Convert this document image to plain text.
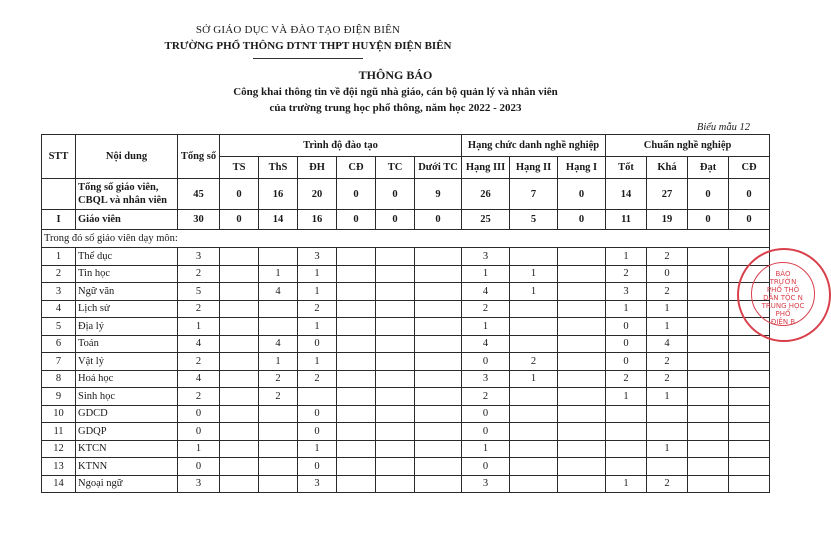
SỞ GIÁO DỤC VÀ ĐÀO TẠO ĐIỆN BIÊN
TRƯỜNG PHỔ THÔNG DTNT THPT HUYỆN ĐIỆN BIÊN
THÔNG BÁO
Công khai thông tin về đội ngũ nhà giáo, cán bộ quản lý và nhân viên
của trường trung học phổ thông, năm học 2022 - 2023
Biểu mẫu 12
STT	Nội dung	Tổng số	Trình độ đào tạo						Hạng chức danh nghề nghiệp			Chuẩn nghề nghiệp			
			TS	ThS	ĐH	CĐ	TC	Dưới TC	Hạng III	Hạng II	Hạng I	Tốt	Khá	Đạt	CĐ
	Tổng số giáo viên, CBQL và nhân viên	45	0	16	20	0	0	9	26	7	0	14	27	0	0
I	Giáo viên	30	0	14	16	0	0	0	25	5	0	11	19	0	0
Trong đó số giáo viên dạy môn:															
1	Thể dục	3			3				3			1	2		
2	Tin học	2		1	1				1	1		2	0		
3	Ngữ văn	5		4	1				4	1		3	2		
4	Lịch sử	2			2				2			1	1		
5	Địa lý	1			1				1			0	1		
6	Toán	4		4	0				4			0	4		
7	Vật lý	2		1	1				0	2		0	2		
8	Hoá học	4		2	2				3	1		2	2		
9	Sinh học	2		2					2			1	1		
10	GDCD	0			0				0						
11	GDQP	0			0				0						
12	KTCN	1			1				1				1		
13	KTNN	0			0				0						
14	Ngoại ngữ	3			3				3			1	2		
BÁO
TRƯỜN
PHỔ THÔ
DÂN TỘC N
TRUNG HỌC PHỔ
ĐIỆN B
